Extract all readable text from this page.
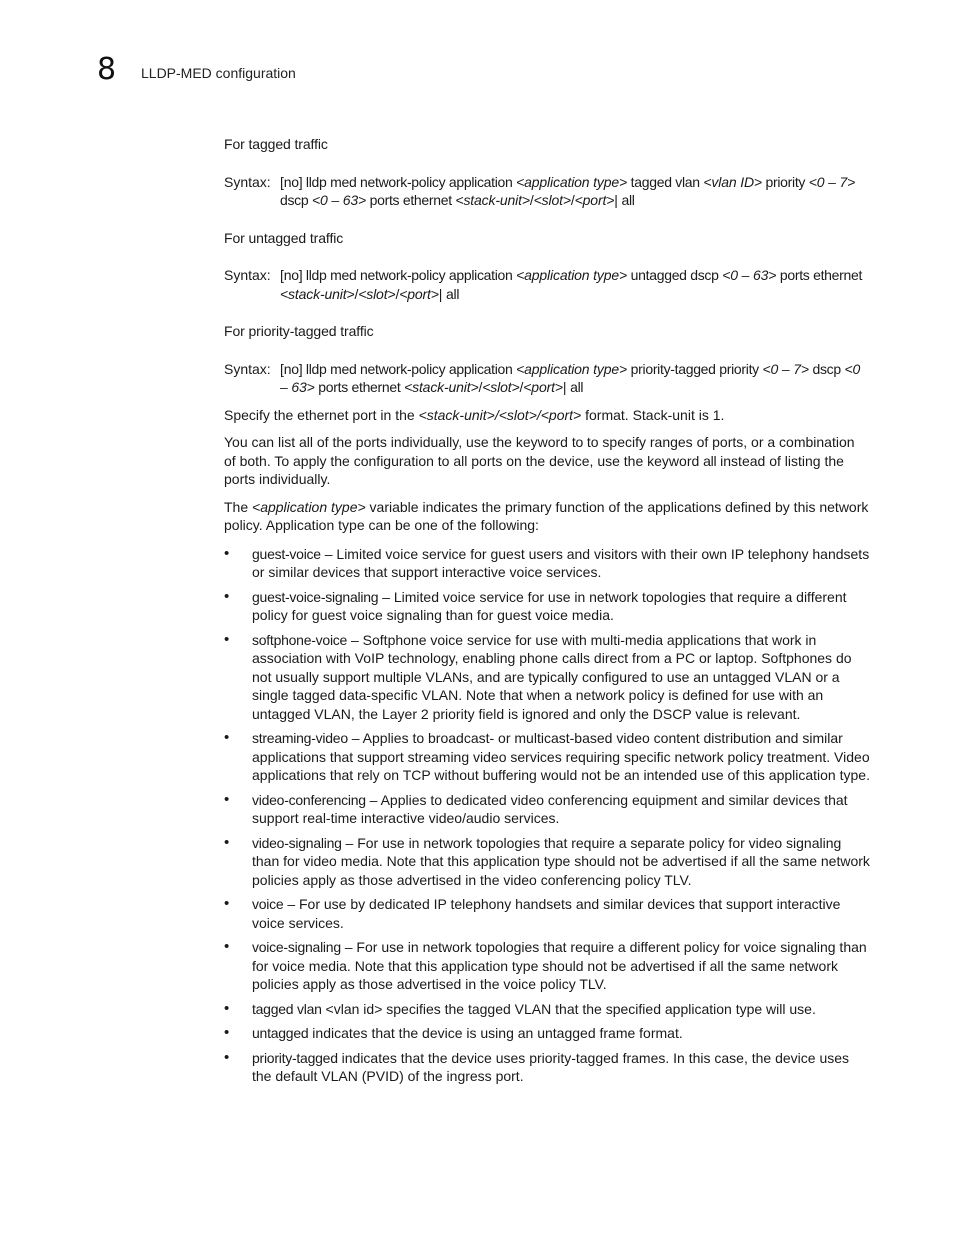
8 LLDP-MED configuration
For tagged traffic
Syntax: [no] lldp med network-policy application <application type> tagged vlan <vlan ID> priority <0 – 7> dscp <0 – 63> ports ethernet <stack-unit>/<slot>/<port>| all
For untagged traffic
Syntax: [no] lldp med network-policy application <application type> untagged dscp <0 – 63> ports ethernet <stack-unit>/<slot>/<port>| all
For priority-tagged traffic
Syntax: [no] lldp med network-policy application <application type> priority-tagged priority <0 – 7> dscp <0 – 63> ports ethernet <stack-unit>/<slot>/<port>| all

Specify the ethernet port in the <stack-unit>/<slot>/<port> format. Stack-unit is 1.

You can list all of the ports individually, use the keyword to to specify ranges of ports, or a combination of both. To apply the configuration to all ports on the device, use the keyword all instead of listing the ports individually.

The <application type> variable indicates the primary function of the applications defined by this network policy. Application type can be one of the following:

• guest-voice – Limited voice service for guest users and visitors with their own IP telephony handsets or similar devices that support interactive voice services.
• guest-voice-signaling – Limited voice service for use in network topologies that require a different policy for guest voice signaling than for guest voice media.
• softphone-voice – Softphone voice service for use with multi-media applications that work in association with VoIP technology, enabling phone calls direct from a PC or laptop. Softphones do not usually support multiple VLANs, and are typically configured to use an untagged VLAN or a single tagged data-specific VLAN. Note that when a network policy is defined for use with an untagged VLAN, the Layer 2 priority field is ignored and only the DSCP value is relevant.
• streaming-video – Applies to broadcast- or multicast-based video content distribution and similar applications that support streaming video services requiring specific network policy treatment. Video applications that rely on TCP without buffering would not be an intended use of this application type.
• video-conferencing – Applies to dedicated video conferencing equipment and similar devices that support real-time interactive video/audio services.
• video-signaling – For use in network topologies that require a separate policy for video signaling than for video media. Note that this application type should not be advertised if all the same network policies apply as those advertised in the video conferencing policy TLV.
• voice – For use by dedicated IP telephony handsets and similar devices that support interactive voice services.
• voice-signaling – For use in network topologies that require a different policy for voice signaling than for voice media. Note that this application type should not be advertised if all the same network policies apply as those advertised in the voice policy TLV.
• tagged vlan <vlan id> specifies the tagged VLAN that the specified application type will use.
• untagged indicates that the device is using an untagged frame format.
• priority-tagged indicates that the device uses priority-tagged frames. In this case, the device uses the default VLAN (PVID) of the ingress port.
